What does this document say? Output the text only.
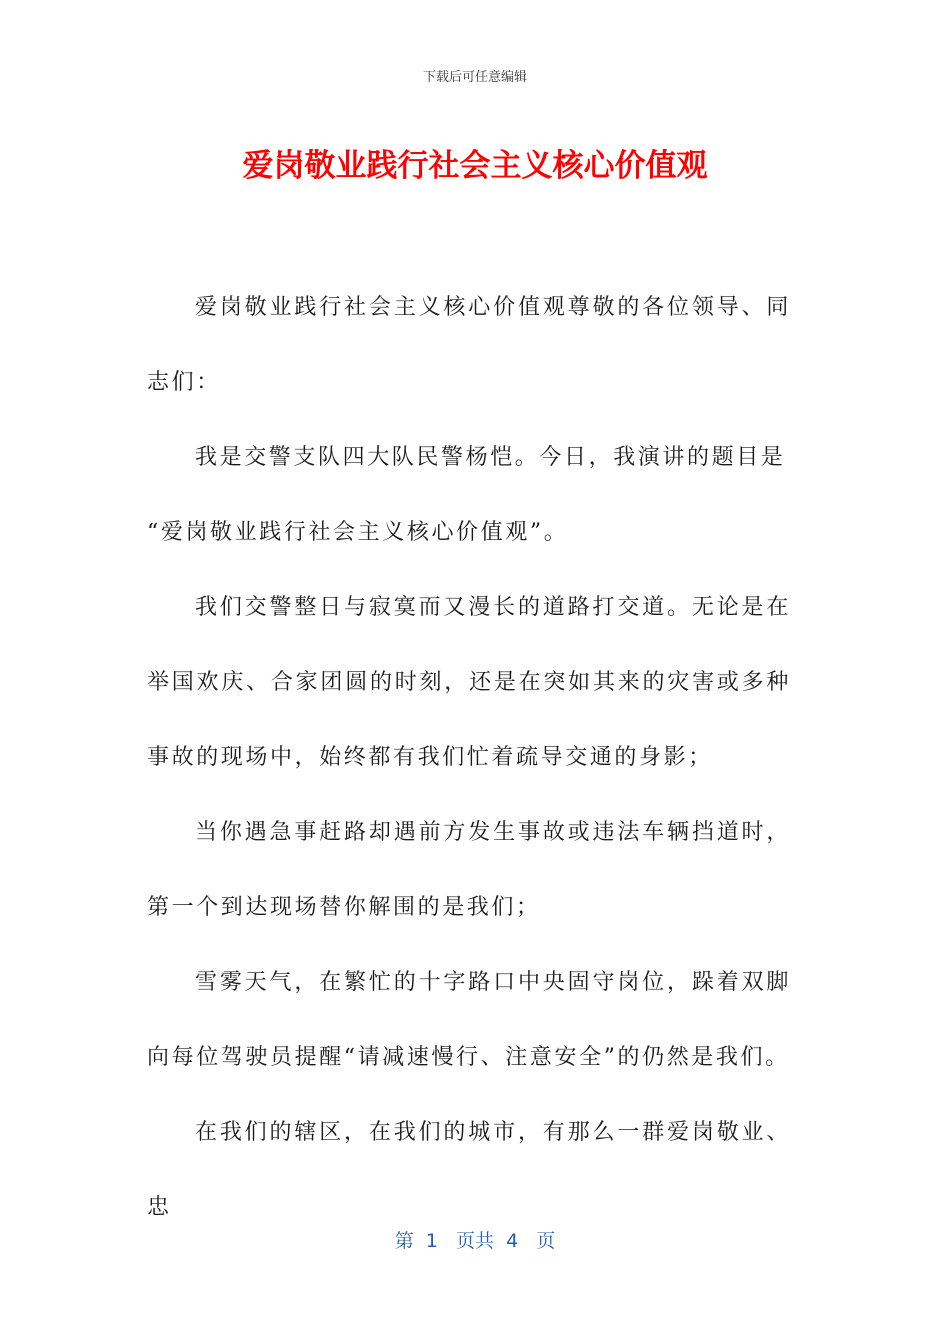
下载后可任意编辑
爱岗敬业践行社会主义核心价值观

爱岗敬业践行社会主义核心价值观尊敬的各位领导、同志们：

我是交警支队四大队民警杨恺。今日，我演讲的题目是

“爱岗敬业践行社会主义核心价值观”。

我们交警整日与寂寞而又漫长的道路打交道。无论是在举国欢庆、合家团圆的时刻，还是在突如其来的灾害或多种事故的现场中，始终都有我们忙着疏导交通的身影；

当你遇急事赶路却遇前方发生事故或违法车辆挡道时，第一个到达现场替你解围的是我们；

雪雾天气，在繁忙的十字路口中央固守岗位，跺着双脚向每位驾驶员提醒“请减速慢行、注意安全”的仍然是我们。

在我们的辖区，在我们的城市，有那么一群爱岗敬业、忠

第  1   页共  4   页
